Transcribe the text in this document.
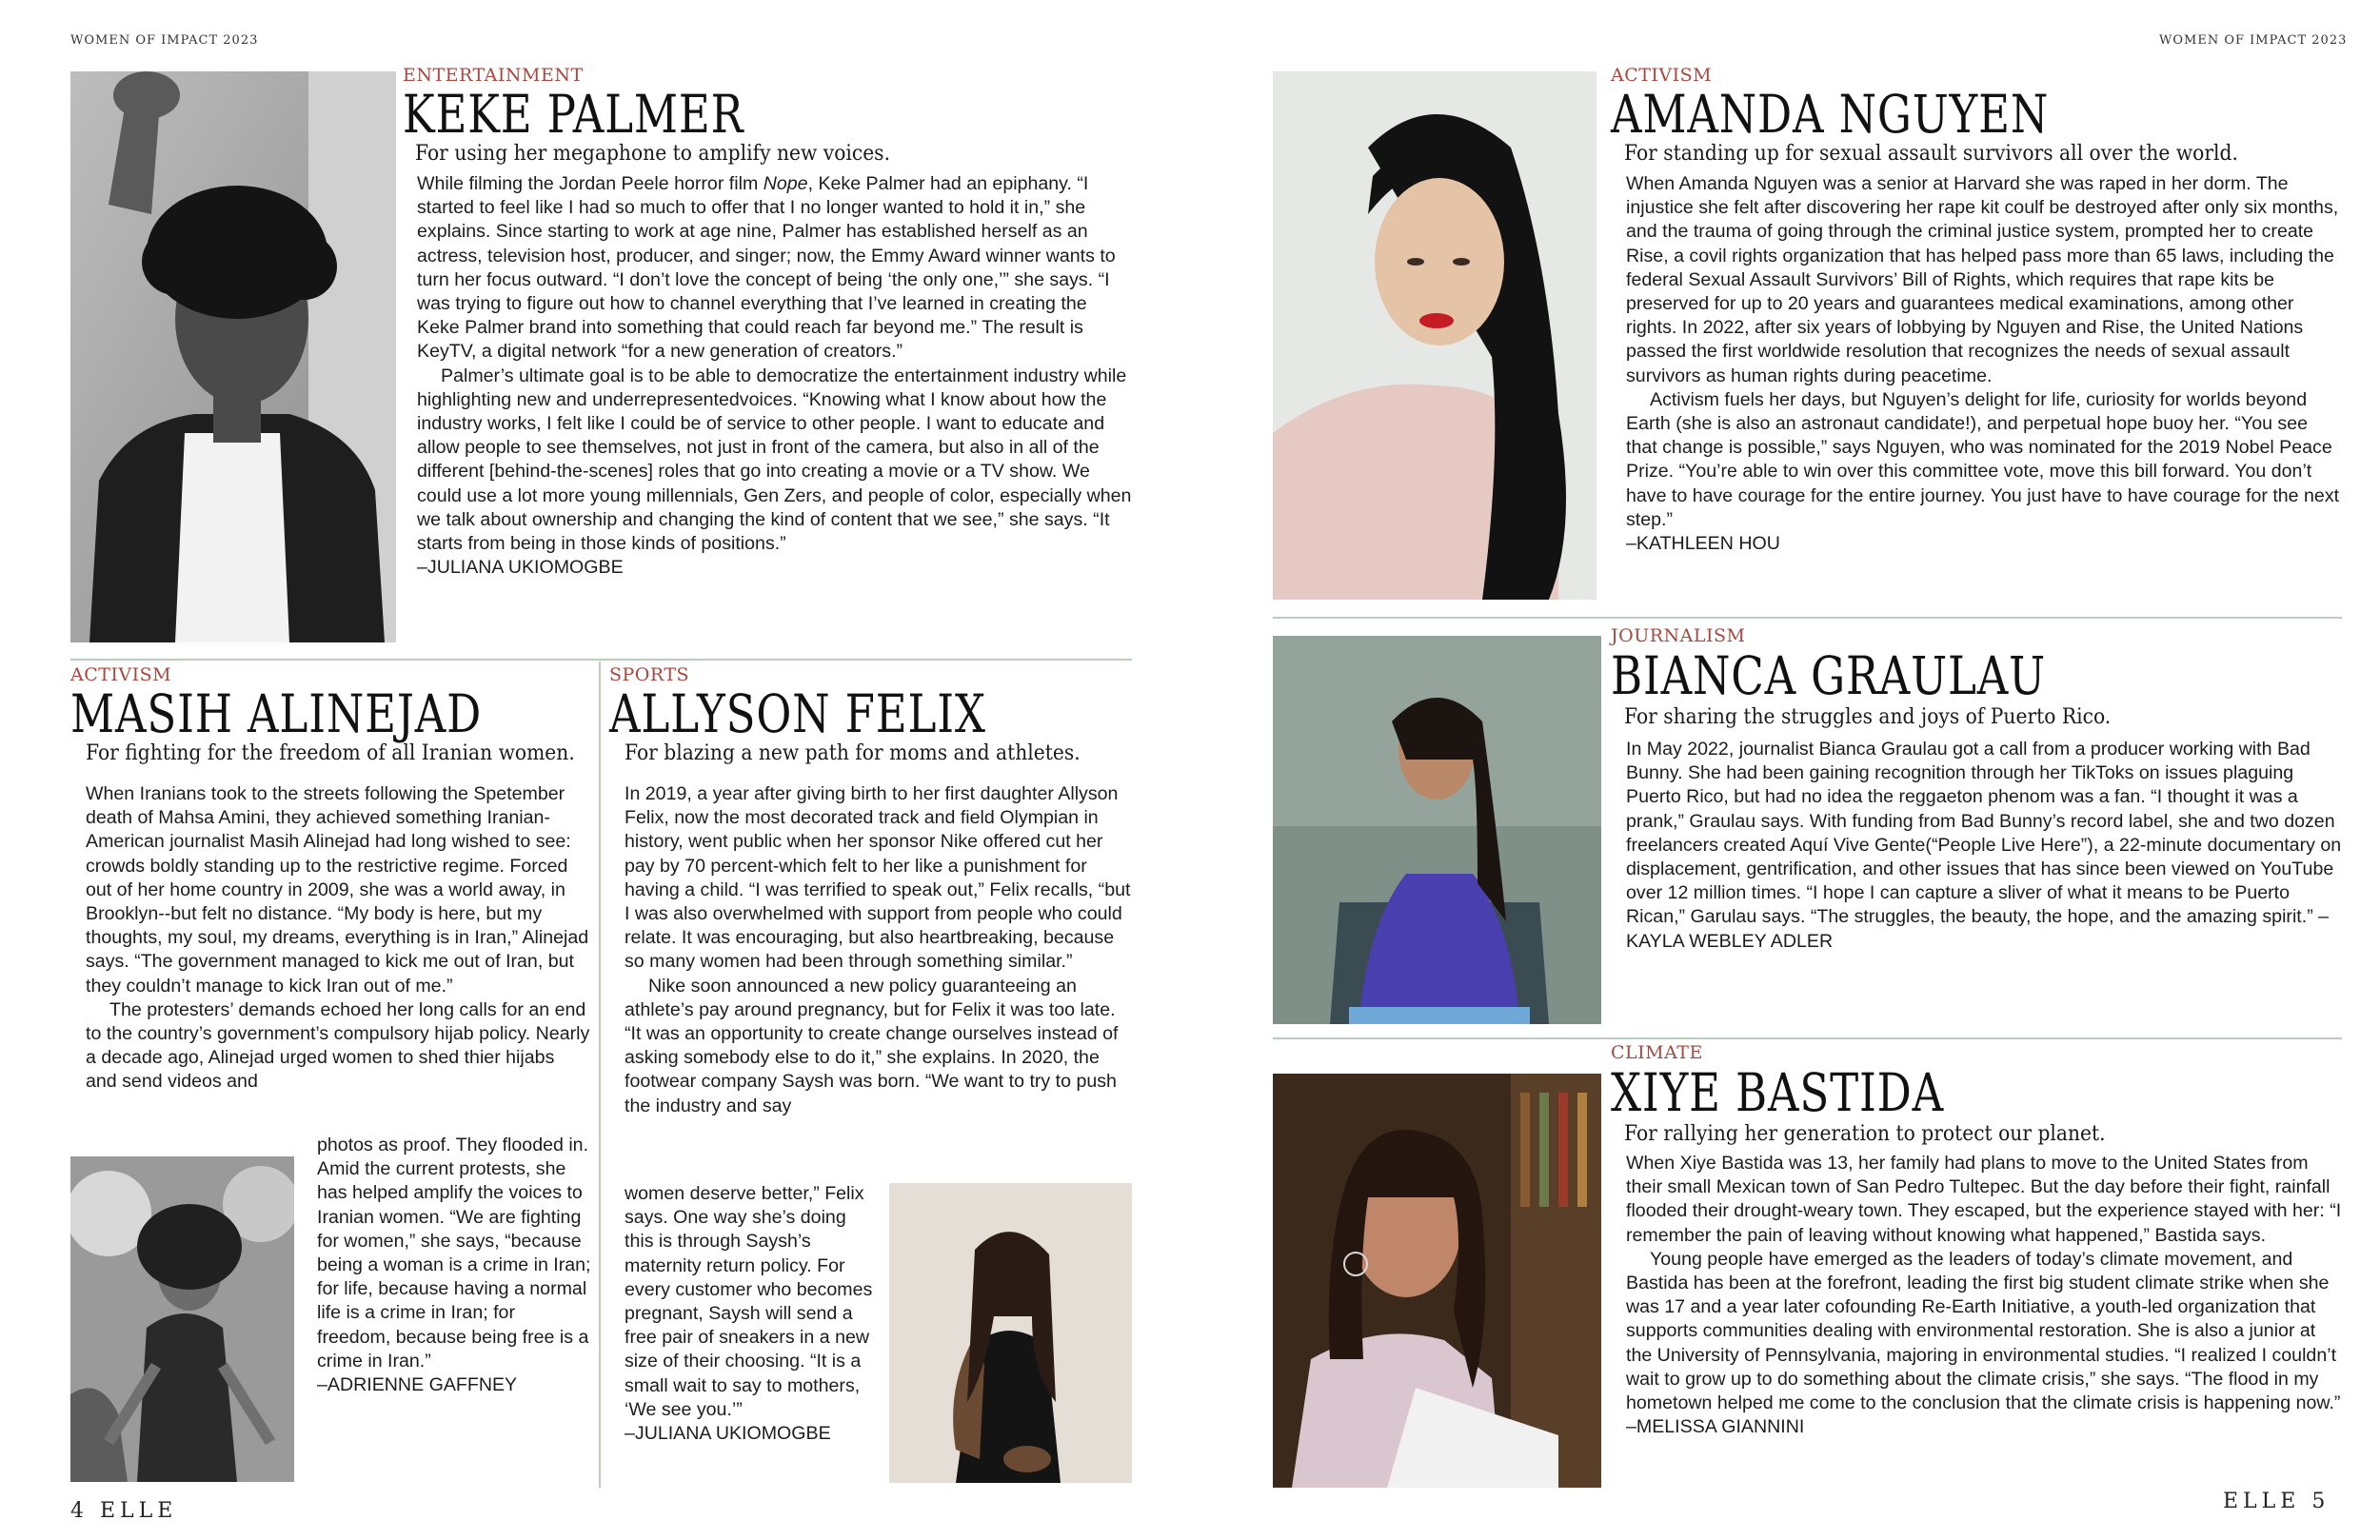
WOMEN OF IMPACT 2023	WOMEN OF IMPACT 2023
ENTERTAINMENT
KEKE PALMER
For using her megaphone to amplify new voices.

While filming the Jordan Peele horror film Nope, Keke Palmer had an epiphany. “I started to feel like I had so much to offer that I no longer wanted to hold it in,” she explains. Since starting to work at age nine, Palmer has established herself as an actress, television host, producer, and singer; now, the Emmy Award winner wants to turn her focus outward. “I don’t love the concept of being ‘the only one,’” she says. “I was trying to figure out how to channel everything that I’ve learned in creating the Keke Palmer brand into something that could reach far beyond me.” The result is KeyTV, a digital network “for a new generation of creators.”

Palmer’s ultimate goal is to be able to democratize the entertainment industry while highlighting new and underrepresentedvoices. “Knowing what I know about how the industry works, I felt like I could be of service to other people. I want to educate and allow people to see themselves, not just in front of the camera, but also in all of the different [behind-the-scenes] roles that go into creating a movie or a TV show. We could use a lot more young millennials, Gen Zers, and people of color, especially when we talk about ownership and changing the kind of content that we see,” she says. “It starts from being in those kinds of positions.”

–JULIANA UKIOMOGBE
ACTIVISM
MASIH ALINEJAD
For fighting for the freedom of all Iranian women.

When Iranians took to the streets following the Spetember death of Mahsa Amini, they achieved something Iranian-American journalist Masih Alinejad had long wished to see: crowds boldly standing up to the restrictive regime. Forced out of her home country in 2009, she was a world away, in Brooklyn--but felt no distance. “My body is here, but my thoughts, my soul, my dreams, everything is in Iran,” Alinejad says. “The government managed to kick me out of Iran, but they couldn’t manage to kick Iran out of me.”

The protesters’ demands echoed her long calls for an end to the country’s government’s compulsory hijab policy. Nearly a decade ago, Alinejad urged women to shed thier hijabs and send videos and

photos as proof. They flooded in. Amid the current protests, she has helped amplify the voices to Iranian women. “We are fighting for women,” she says, “because being a woman is a crime in Iran; for life, because having a normal life is a crime in Iran; for freedom, because being free is a crime in Iran.”

–ADRIENNE GAFFNEY
SPORTS
ALLYSON FELIX
For blazing a new path for moms and athletes.

In 2019, a year after giving birth to her first daughter Allyson Felix, now the most decorated track and field Olympian in history, went public when her sponsor Nike offered cut her pay by 70 percent-which felt to her like a punishment for having a child. “I was terrified to speak out,” Felix recalls, “but I was also overwhelmed with support from people who could relate. It was encouraging, but also heartbreaking, because so many women had been through something similar.”

Nike soon announced a new policy guaranteeing an athlete’s pay around pregnancy, but for Felix it was too late. “It was an opportunity to create change ourselves instead of asking somebody else to do it,” she explains. In 2020, the footwear company Saysh was born. “We want to try to push the industry and say

women deserve better,” Felix says. One way she’s doing this is through Saysh’s maternity return policy. For every customer who becomes pregnant, Saysh will send a free pair of sneakers in a new size of their choosing. “It is a small wait to say to mothers, ‘We see you.’”

–JULIANA UKIOMOGBE
4 ELLE
ACTIVISM
AMANDA NGUYEN
For standing up for sexual assault survivors all over the world.

When Amanda Nguyen was a senior at Harvard she was raped in her dorm. The injustice she felt after discovering her rape kit coulf be destroyed after only six months, and the trauma of going through the criminal justice system, prompted her to create Rise, a covil rights organization that has helped pass more than 65 laws, including the federal Sexual Assault Survivors’ Bill of Rights, which requires that rape kits be preserved for up to 20 years and guarantees medical examinations, among other rights. In 2022, after six years of lobbying by Nguyen and Rise, the United Nations passed the first worldwide resolution that recognizes the needs of sexual assault survivors as human rights during peacetime.

Activism fuels her days, but Nguyen’s delight for life, curiosity for worlds beyond Earth (she is also an astronaut candidate!), and perpetual hope buoy her. “You see that change is possible,” says Nguyen, who was nominated for the 2019 Nobel Peace Prize. “You’re able to win over this committee vote, move this bill forward. You don’t have to have courage for the entire journey. You just have to have courage for the next step.”

–KATHLEEN HOU
JOURNALISM
BIANCA GRAULAU
For sharing the struggles and joys of Puerto Rico.

In May 2022, journalist Bianca Graulau got a call from a producer working with Bad Bunny. She had been gaining recognition through her TikToks on issues plaguing Puerto Rico, but had no idea the reggaeton phenom was a fan. “I thought it was a prank,” Graulau says. With funding from Bad Bunny’s record label, she and two dozen freelancers created Aquí Vive Gente(“People Live Here”), a 22-minute documentary on displacement, gentrification, and other issues that has since been viewed on YouTube over 12 million times. “I hope I can capture a sliver of what it means to be Puerto Rican,” Garulau says. “The struggles, the beauty, the hope, and the amazing spirit.” –KAYLA WEBLEY ADLER

CLIMATE
XIYE BASTIDA
For rallying her generation to protect our planet.

When Xiye Bastida was 13, her family had plans to move to the United States from their small Mexican town of San Pedro Tultepec. But the day before their fight, rainfall flooded their drought-weary town. They escaped, but the experience stayed with her: “I remember the pain of leaving without knowing what happened,” Bastida says.

Young people have emerged as the leaders of today’s climate movement, and Bastida has been at the forefront, leading the first big student climate strike when she was 17 and a year later cofounding Re-Earth Initiative, a youth-led organization that supports communities dealing with environmental restoration. She is also a junior at the University of Pennsylvania, majoring in environmental studies. “I realized I couldn’t wait to grow up to do something about the climate crisis,” she says. “The flood in my hometown helped me come to the conclusion that the climate crisis is happening now.” –MELISSA GIANNINI

ELLE 5
